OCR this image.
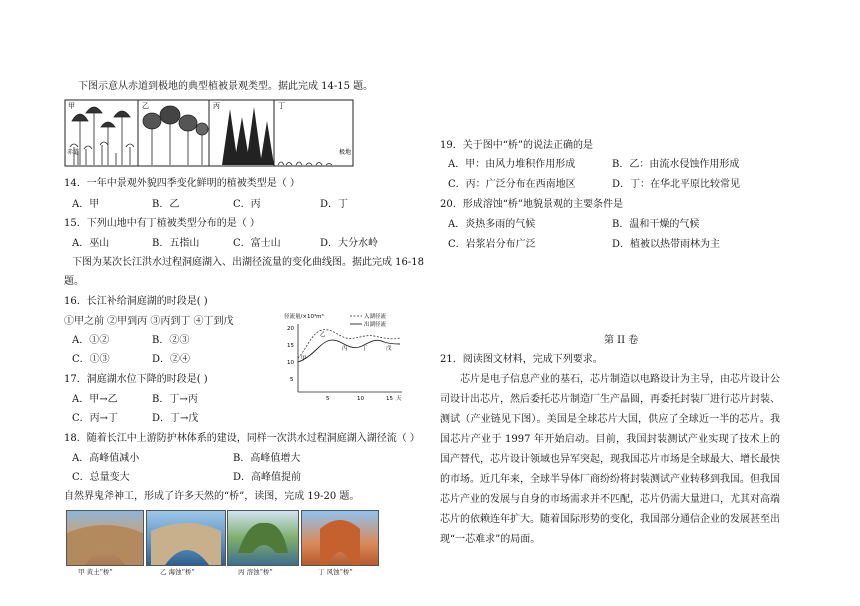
下图示意从赤道到极地的典型植被景观类型。据此完成 14-15 题。
甲	乙	丙	丁
赤道	极地
14．一年中景观外貌四季变化鲜明的植被类型是（ ）
A．甲	B．乙	C．丙	D．丁
15．下列山地中有丁植被类型分布的是（ ）
A．巫山	B．五指山	C．富士山	D．大分水岭
下图为某次长江洪水过程洞庭湖入、出湖径流量的变化曲线图。据此完成 16-18
题。
16．长江补给洞庭湖的时段是( )
①甲之前 ②甲到丙 ③丙到丁 ④丁到戊
A．①②	B．②③
C．①③	D．②④
17．洞庭湖水位下降的时段是( )
A．甲→乙	B．丁→丙
C．丙→丁	D．丁→戊
径流量/×10³m³
20
15
10
5
5	10	15 天
入湖径流
出湖径流
甲
乙
丙	丁	戊
18．随着长江中上游防护林体系的建设，同样一次洪水过程洞庭湖入湖径流（ ）
A．高峰值减小	B．高峰值增大
C．总量变大	D．高峰值提前
自然界鬼斧神工，形成了许多天然的“桥”，读图，完成 19-20 题。
甲 黄土“桥”	乙 海蚀“桥”	丙 溶蚀“桥”	丁 风蚀“桥”
19．关于图中“桥”的说法正确的是
A．甲：由风力堆积作用形成	B．乙：由流水侵蚀作用形成
C．丙：广泛分布在西南地区	D．丁：在华北平原比较常见
20．形成溶蚀“桥”地貌景观的主要条件是
A．炎热多雨的气候	B．温和干燥的气候
C．岩浆岩分布广泛	D．植被以热带雨林为主
第 II 卷
21．阅读图文材料，完成下列要求。
芯片是电子信息产业的基石，芯片制造以电路设计为主导，由芯片设计公司设计出芯片，然后委托芯片制造厂生产晶圆，再委托封装厂进行芯片封装、测试（产业链见下图）。美国是全球芯片大国，供应了全球近一半的芯片。我国芯片产业于 1997 年开始启动。目前，我国封装测试产业实现了技术上的国产替代，芯片设计领域也异军突起，现我国芯片市场是全球最大、增长最快的市场。近几年来，全球半导体厂商纷纷将封装测试产业转移到我国。但我国芯片产业的发展与自身的市场需求并不匹配，芯片仍需大量进口，尤其对高端芯片的依赖连年扩大。随着国际形势的变化，我国部分通信企业的发展甚至出现“一芯难求”的局面。
